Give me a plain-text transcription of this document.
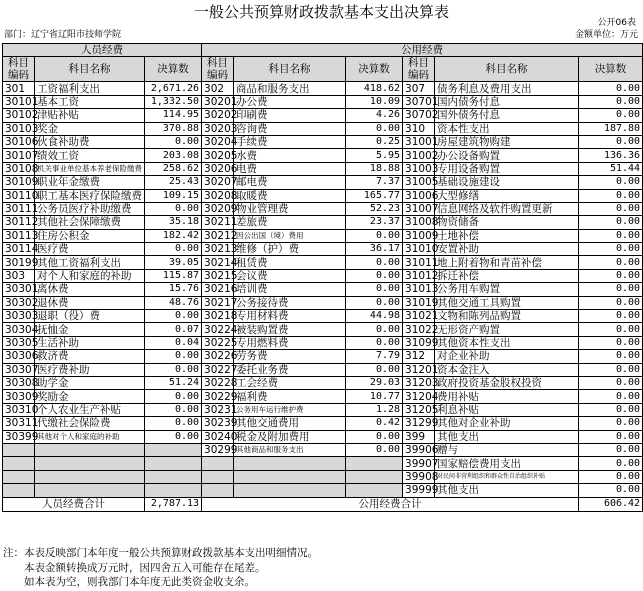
一般公共预算财政拨款基本支出决算表
公开06表
部门：辽宁省辽阳市技师学院	金额单位：万元
人员经费			公用经费					
科目编码	科目名称	决算数	科目编码	科目名称	决算数	科目编码	科目名称	决算数
301	工资福利支出	2,671.26	302	商品和服务支出	418.62	307	债务利息及费用支出	0.00
30101	基本工资	1,332.50	30201	办公费	10.09	30701	国内债务付息	0.00
30102	津贴补贴	114.95	30202	印刷费	4.26	30702	国外债务付息	0.00
30103	奖金	370.88	30203	咨询费	0.00	310	资本性支出	187.80
30106	伙食补助费	0.00	30204	手续费	0.25	31001	房屋建筑物购建	0.00
30107	绩效工资	203.08	30205	水费	5.95	31002	办公设备购置	136.36
30108	机关事业单位基本养老保险缴费	258.62	30206	电费	18.88	31003	专用设备购置	51.44
30109	职业年金缴费	25.43	30207	邮电费	7.37	31005	基础设施建设	0.00
30110	职工基本医疗保险缴费	109.15	30208	取暖费	165.77	31006	大型修缮	0.00
30111	公务员医疗补助缴费	0.00	30209	物业管理费	52.23	31007	信息网络及软件购置更新	0.00
30112	其他社会保障缴费	35.18	30211	差旅费	23.37	31008	物资储备	0.00
30113	住房公积金	182.42	30212	因公出国（境）费用	0.00	31009	土地补偿	0.00
30114	医疗费	0.00	30213	维修（护）费	36.17	31010	安置补助	0.00
30199	其他工资福利支出	39.05	30214	租赁费	0.00	31011	地上附着物和青苗补偿	0.00
303	对个人和家庭的补助	115.87	30215	会议费	0.00	31012	拆迁补偿	0.00
30301	离休费	15.76	30216	培训费	0.00	31013	公务用车购置	0.00
30302	退休费	48.76	30217	公务接待费	0.00	31019	其他交通工具购置	0.00
30303	退职（役）费	0.00	30218	专用材料费	44.98	31021	文物和陈列品购置	0.00
30304	抚恤金	0.07	30224	被装购置费	0.00	31022	无形资产购置	0.00
30305	生活补助	0.04	30225	专用燃料费	0.00	31099	其他资本性支出	0.00
30306	救济费	0.00	30226	劳务费	7.79	312	对企业补助	0.00
30307	医疗费补助	0.00	30227	委托业务费	0.00	31201	资本金注入	0.00
30308	助学金	51.24	30228	工会经费	29.03	31203	政府投资基金股权投资	0.00
30309	奖励金	0.00	30229	福利费	10.77	31204	费用补贴	0.00
30310	个人农业生产补贴	0.00	30231	公务用车运行维护费	1.28	31205	利息补贴	0.00
30311	代缴社会保险费	0.00	30239	其他交通费用	0.42	31299	其他对企业补助	0.00
30399	其他对个人和家庭的补助	0.00	30240	税金及附加费用	0.00	399	其他支出	0.00
			30299	其他商品和服务支出	0.00	39906	赠与	0.00
						39907	国家赔偿费用支出	0.00
						39908	对民间非营利组织和群众性自治组织补贴	0.00
						39999	其他支出	0.00
人员经费合计		2,787.13	公用经费合计					606.42
注：本表反映部门本年度一般公共预算财政拨款基本支出明细情况。
本表金额转换成万元时，因四舍五入可能存在尾差。
如本表为空，则我部门本年度无此类资金收支余。
